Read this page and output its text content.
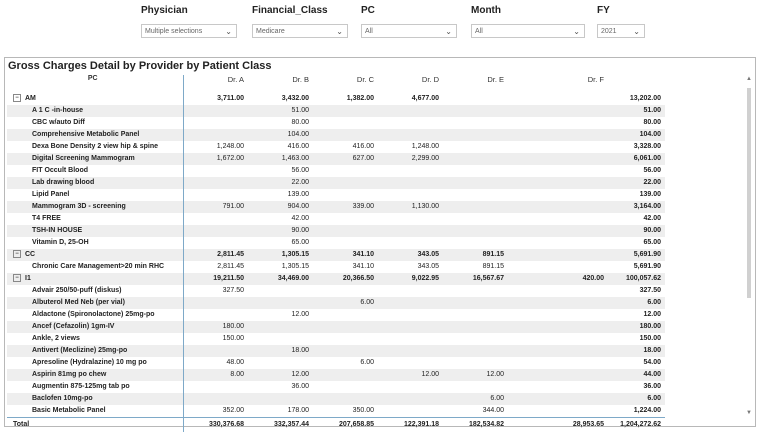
Physician
Multiple selections	⌄
Financial_Class
Medicare	⌄
PC
All	⌄
Month
All	⌄
FY
2021 ⌄
Gross Charges Detail by Provider by Patient Class
PC	Dr. A	Dr. B	Dr. C	Dr. D	Dr. E	Dr. F	
− AM	3,711.00	3,432.00	1,382.00	4,677.00			13,202.00
A 1 C -in-house		51.00					51.00
CBC w/auto Diff		80.00					80.00
Comprehensive Metabolic Panel		104.00					104.00
Dexa Bone Density 2 view hip & spine	1,248.00	416.00	416.00	1,248.00			3,328.00
Digital Screening Mammogram	1,672.00	1,463.00	627.00	2,299.00			6,061.00
FIT Occult Blood		56.00					56.00
Lab drawing blood		22.00					22.00
Lipid Panel		139.00					139.00
Mammogram 3D - screening	791.00	904.00	339.00	1,130.00			3,164.00
T4 FREE		42.00					42.00
TSH-IN HOUSE		90.00					90.00
Vitamin D, 25-OH		65.00					65.00
− CC	2,811.45	1,305.15	341.10	343.05	891.15		5,691.90
Chronic Care Management>20 min RHC	2,811.45	1,305.15	341.10	343.05	891.15		5,691.90
− I1	19,211.50	34,469.00	20,366.50	9,022.95	16,567.67	420.00	100,057.62
Advair 250/50-puff (diskus)	327.50						327.50
Albuterol Med Neb (per vial)			6.00				6.00
Aldactone (Spironolactone) 25mg-po		12.00					12.00
Ancef (Cefazolin) 1gm-IV	180.00						180.00
Ankle, 2 views	150.00						150.00
Antivert (Meclizine) 25mg-po		18.00					18.00
Apresoline (Hydralazine) 10 mg po	48.00		6.00				54.00
Aspirin 81mg po chew	8.00	12.00		12.00	12.00		44.00
Augmentin 875-125mg tab po		36.00					36.00
Baclofen 10mg-po					6.00		6.00
Basic Metabolic Panel	352.00	178.00	350.00		344.00		1,224.00
Total	330,376.68	332,357.44	207,658.85	122,391.18	182,534.82	28,953.65	1,204,272.62
▲
▼
